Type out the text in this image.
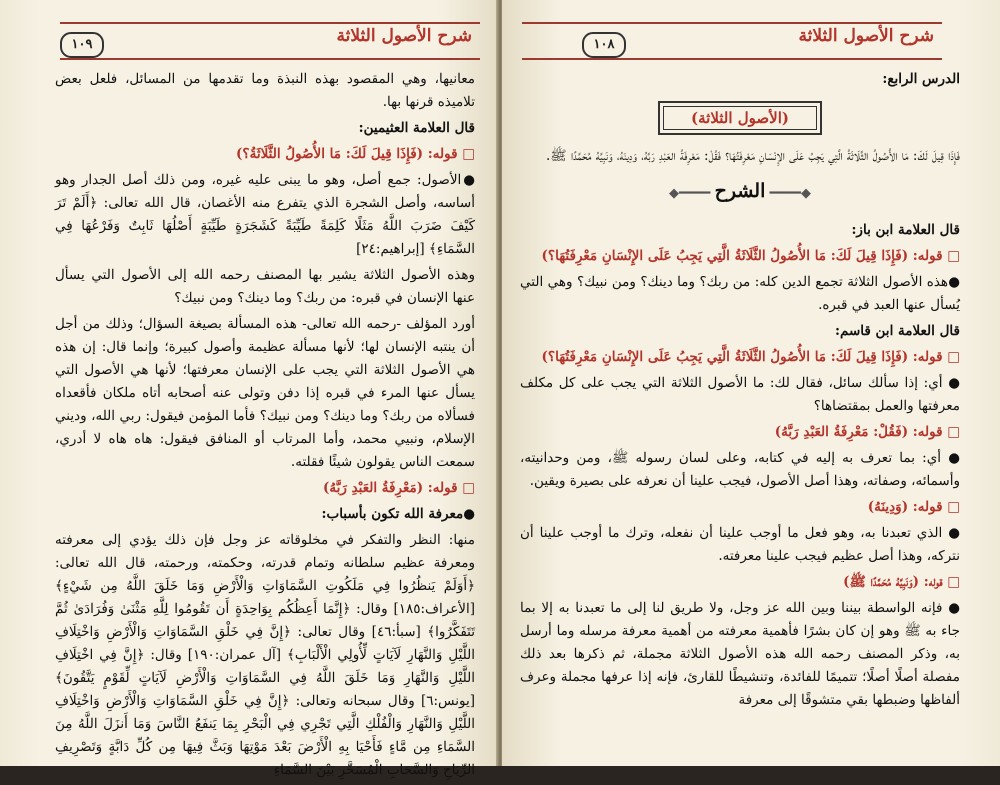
١٠٩	شرح الأصول الثلاثة

معانيها، وهي المقصود بهذه النبذة وما تقدمها من المسائل، فلعل بعض تلاميذه قرنها بها.

قال العلامة العثيمين:

□ قوله: (فَإِذَا قِيلَ لَكَ: مَا الأُصُولُ الثَّلَاثَةُ؟)

●الأصول: جمع أصل، وهو ما يبنى عليه غيره، ومن ذلك أصل الجدار وهو أساسه، وأصل الشجرة الذي يتفرع منه الأغصان، قال الله تعالى: ﴿أَلَمْ تَرَ كَيْفَ ضَرَبَ اللَّهُ مَثَلًا كَلِمَةً طَيِّبَةً كَشَجَرَةٍ طَيِّبَةٍ أَصْلُهَا ثَابِتٌ وَفَرْعُهَا فِي السَّمَاءِ﴾ [إبراهيم:٢٤]

وهذه الأصول الثلاثة يشير بها المصنف رحمه الله إلى الأصول التي يسأل عنها الإنسان في قبره: من ربك؟ وما دينك؟ ومن نبيك؟

أورد المؤلف -رحمه الله تعالى- هذه المسألة بصيغة السؤال؛ وذلك من أجل أن ينتبه الإنسان لها؛ لأنها مسألة عظيمة وأصول كبيرة؛ وإنما قال: إن هذه هي الأصول الثلاثة التي يجب على الإنسان معرفتها؛ لأنها هي الأصول التي يسأل عنها المرء في قبره إذا دفن وتولى عنه أصحابه أتاه ملكان فأقعداه فسألاه من ربك؟ وما دينك؟ ومن نبيك؟ فأما المؤمن فيقول: ربي الله، وديني الإسلام، ونبيي محمد، وأما المرتاب أو المنافق فيقول: هاه هاه لا أدري، سمعت الناس يقولون شيئًا فقلته.

□ قوله: (مَعْرِفَةُ العَبْدِ رَبَّهُ)

●معرفة الله تكون بأسباب:

منها: النظر والتفكر في مخلوقاته عز وجل فإن ذلك يؤدي إلى معرفته ومعرفة عظيم سلطانه وتمام قدرته، وحكمته، ورحمته، قال الله تعالى: ﴿أَوَلَمْ يَنظُرُوا فِي مَلَكُوتِ السَّمَاوَاتِ وَالْأَرْضِ وَمَا خَلَقَ اللَّهُ مِن شَيْءٍ﴾ [الأعراف:١٨٥] وقال: ﴿إِنَّمَا أَعِظُكُم بِوَاحِدَةٍ أَن تَقُومُوا لِلَّهِ مَثْنَىٰ وَفُرَادَىٰ ثُمَّ تَتَفَكَّرُوا﴾ [سبأ:٤٦] وقال تعالى: ﴿إِنَّ فِي خَلْقِ السَّمَاوَاتِ وَالْأَرْضِ وَاخْتِلَافِ اللَّيْلِ وَالنَّهَارِ لَآيَاتٍ لِّأُولِي الْأَلْبَابِ﴾ [آل عمران:١٩٠] وقال: ﴿إِنَّ فِي اخْتِلَافِ اللَّيْلِ وَالنَّهَارِ وَمَا خَلَقَ اللَّهُ فِي السَّمَاوَاتِ وَالْأَرْضِ لَآيَاتٍ لِّقَوْمٍ يَتَّقُونَ﴾ [يونس:٦] وقال سبحانه وتعالى: ﴿إِنَّ فِي خَلْقِ السَّمَاوَاتِ وَالْأَرْضِ وَاخْتِلَافِ اللَّيْلِ وَالنَّهَارِ وَالْفُلْكِ الَّتِي تَجْرِي فِي الْبَحْرِ بِمَا يَنفَعُ النَّاسَ وَمَا أَنزَلَ اللَّهُ مِنَ السَّمَاءِ مِن مَّاءٍ فَأَحْيَا بِهِ الْأَرْضَ بَعْدَ مَوْتِهَا وَبَثَّ فِيهَا مِن كُلِّ دَابَّةٍ وَتَصْرِيفِ الرِّيَاحِ وَالسَّحَابِ الْمُسَخَّرِ بَيْنَ السَّمَاءِ

١٠٨	شرح الأصول الثلاثة

الدرس الرابع:

(الأصول الثلاثة)

فَإِذَا قِيلَ لَكَ: مَا الأُصُولُ الثَّلَاثَةُ الَّتِي يَجِبُ عَلَى الإِنْسَانِ مَعْرِفَتُهَا؟ فَقُلْ: مَعْرِفَةُ العَبْدِ رَبَّهُ، وَدِينَهُ، وَنَبِيَّهُ مُحَمَّدًا ﷺ.

◆━━━━ الشرح ━━━━◆

قال العلامة ابن باز:

□ قوله: (فَإِذَا قِيلَ لَكَ: مَا الأُصُولُ الثَّلَاثَةُ الَّتِي يَجِبُ عَلَى الإِنْسَانِ مَعْرِفَتُهَا؟)

●هذه الأصول الثلاثة تجمع الدين كله: من ربك؟ وما دينك؟ ومن نبيك؟ وهي التي يُسأل عنها العبد في قبره.

قال العلامة ابن قاسم:

□ قوله: (فَإِذَا قِيلَ لَكَ: مَا الأُصُولُ الثَّلَاثَةُ الَّتِي يَجِبُ عَلَى الإِنْسَانِ مَعْرِفَتُهَا؟)

● أي: إذا سألك سائل، فقال لك: ما الأصول الثلاثة التي يجب على كل مكلف معرفتها والعمل بمقتضاها؟

□ قوله: (فَقُلْ: مَعْرِفَةُ العَبْدِ رَبَّهُ)

● أي: بما تعرف به إليه في كتابه، وعلى لسان رسوله ﷺ، ومن وحدانيته، وأسمائه، وصفاته، وهذا أصل الأصول، فيجب علينا أن نعرفه على بصيرة ويقين.

□ قوله: (وَدِينَهُ)

● الذي تعبدنا به، وهو فعل ما أوجب علينا أن نفعله، وترك ما أوجب علينا أن نتركه، وهذا أصل عظيم فيجب علينا معرفته.

□ قوله: (وَنَبِيَّهُ مُحَمَّدًا ﷺ)

● فإنه الواسطة بيننا وبين الله عز وجل، ولا طريق لنا إلى ما تعبدنا به إلا بما جاء به ﷺ وهو إن كان بشرًا فأهمية معرفته من أهمية معرفة مرسله وما أرسل به، وذكر المصنف رحمه الله هذه الأصول الثلاثة مجملة، ثم ذكرها بعد ذلك مفصلة أصلًا أصلًا؛ تتميمًا للفائدة، وتنشيطًا للقارئ، فإنه إذا عرفها مجملة وعرف ألفاظها وضبطها بقي متشوقًا إلى معرفة
